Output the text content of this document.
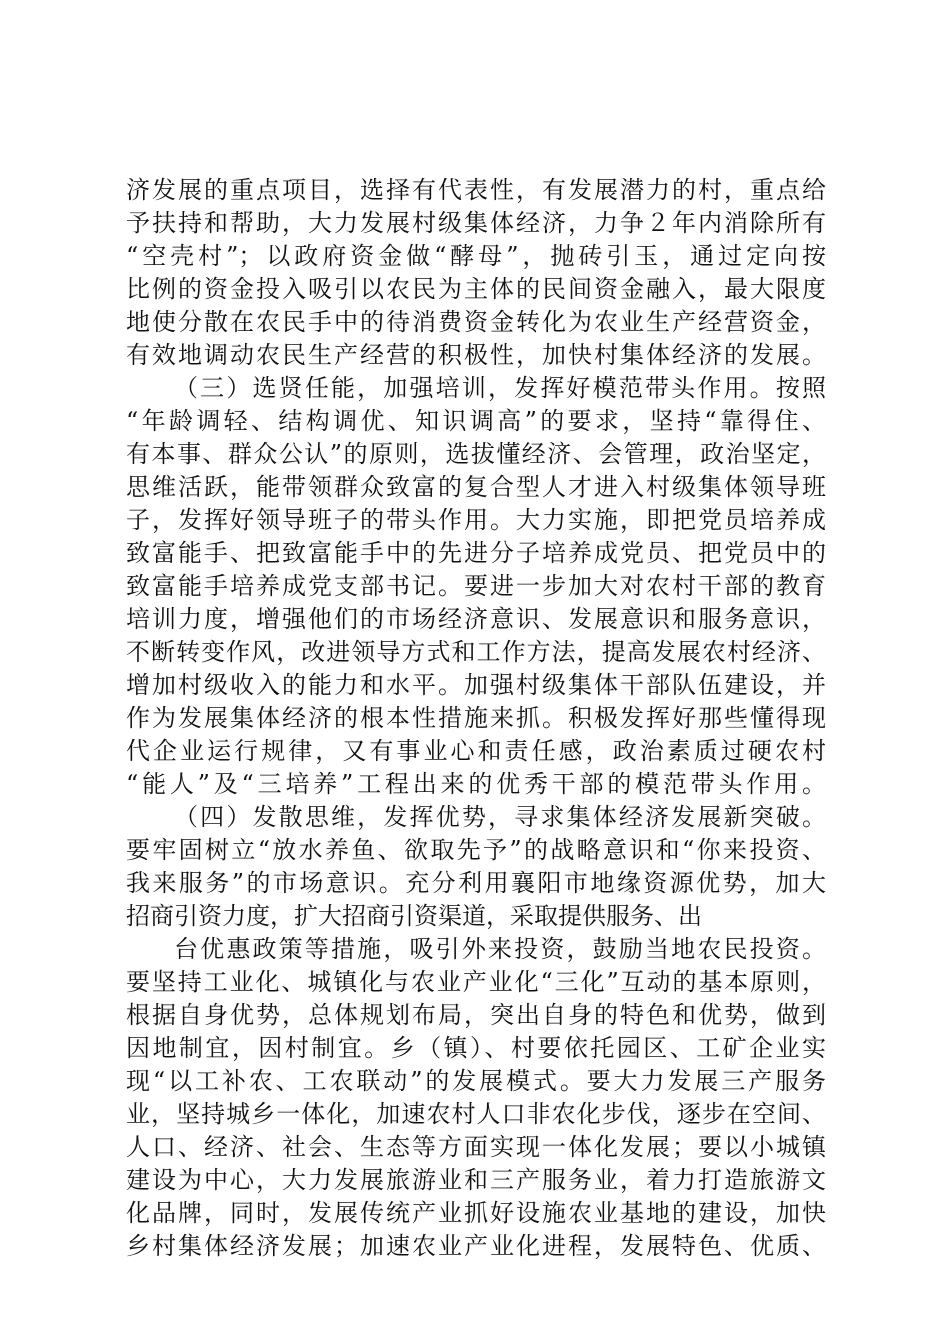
济发展的重点项目，选择有代表性，有发展潜力的村，重点给

予扶持和帮助，大力发展村级集体经济，力争２年内消除所有

“空壳村”；以政府资金做“酵母”，抛砖引玉，通过定向按

比例的资金投入吸引以农民为主体的民间资金融入，最大限度

地使分散在农民手中的待消费资金转化为农业生产经营资金，

有效地调动农民生产经营的积极性，加快村集体经济的发展。

（三）选贤任能，加强培训，发挥好模范带头作用。按照

“年龄调轻、结构调优、知识调高”的要求，坚持“靠得住、

有本事、群众公认”的原则，选拔懂经济、会管理，政治坚定，

思维活跃，能带领群众致富的复合型人才进入村级集体领导班

子，发挥好领导班子的带头作用。大力实施，即把党员培养成

致富能手、把致富能手中的先进分子培养成党员、把党员中的

致富能手培养成党支部书记。要进一步加大对农村干部的教育

培训力度，增强他们的市场经济意识、发展意识和服务意识，

不断转变作风，改进领导方式和工作方法，提高发展农村经济、

增加村级收入的能力和水平。加强村级集体干部队伍建设，并

作为发展集体经济的根本性措施来抓。积极发挥好那些懂得现

代企业运行规律，又有事业心和责任感，政治素质过硬农村

“能人”及“三培养”工程出来的优秀干部的模范带头作用。

（四）发散思维，发挥优势，寻求集体经济发展新突破。

要牢固树立“放水养鱼、欲取先予”的战略意识和“你来投资、

我来服务”的市场意识。充分利用襄阳市地缘资源优势，加大

招商引资力度，扩大招商引资渠道，采取提供服务、出

台优惠政策等措施，吸引外来投资，鼓励当地农民投资。

要坚持工业化、城镇化与农业产业化“三化”互动的基本原则，

根据自身优势，总体规划布局，突出自身的特色和优势，做到

因地制宜，因村制宜。乡（镇）、村要依托园区、工矿企业实

现“以工补农、工农联动”的发展模式。要大力发展三产服务

业，坚持城乡一体化，加速农村人口非农化步伐，逐步在空间、

人口、经济、社会、生态等方面实现一体化发展；要以小城镇

建设为中心，大力发展旅游业和三产服务业，着力打造旅游文

化品牌，同时，发展传统产业抓好设施农业基地的建设，加快

乡村集体经济发展；加速农业产业化进程，发展特色、优质、
